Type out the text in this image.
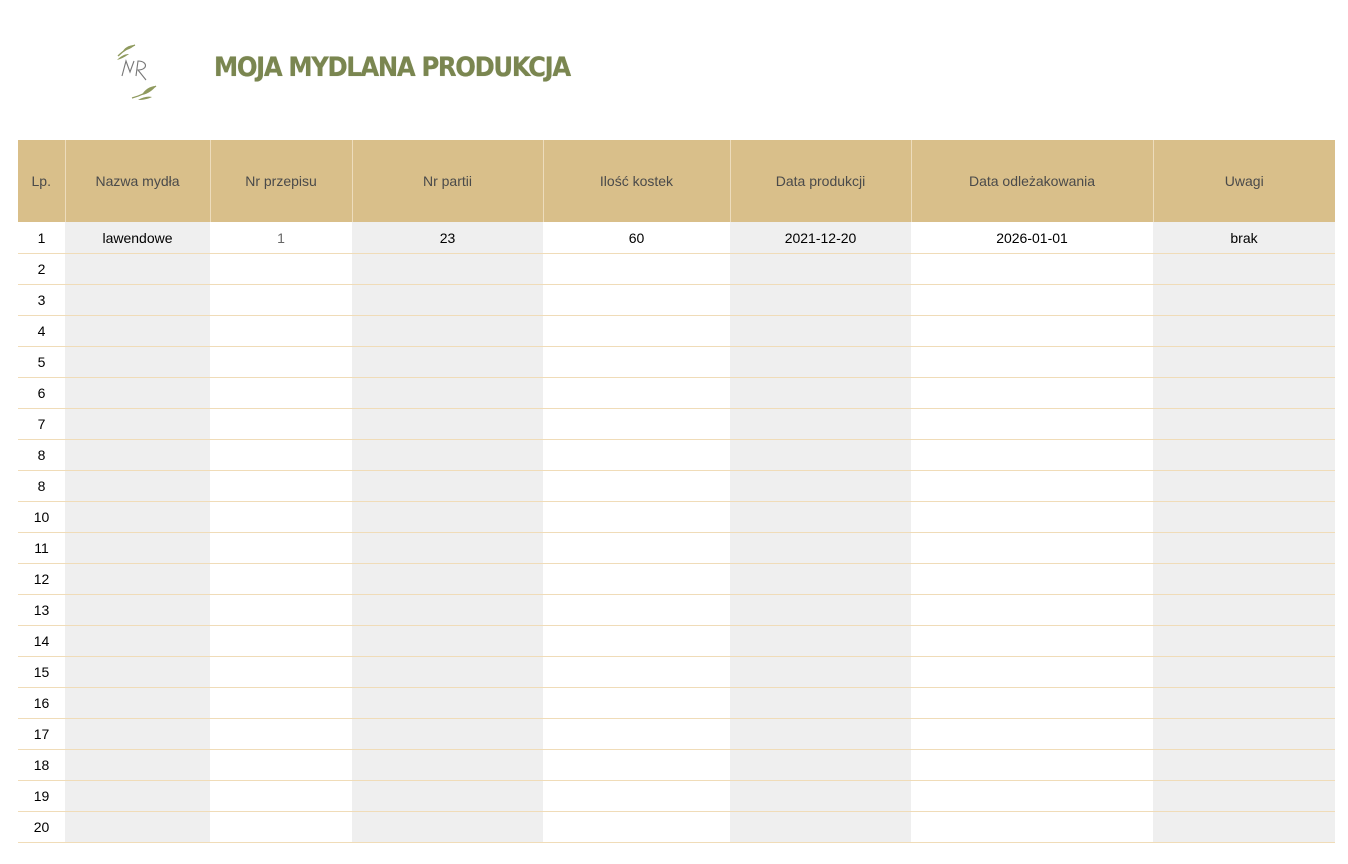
MOJA MYDLANA PRODUKCJA
Lp.	Nazwa mydła	Nr przepisu	Nr partii	Ilość kostek	Data produkcji	Data odleżakowania	Uwagi
1	lawendowe	1	23	60	2021-12-20	2026-01-01	brak
2							
3							
4							
5							
6							
7							
8							
8							
10							
11							
12							
13							
14							
15							
16							
17							
18							
19							
20							
